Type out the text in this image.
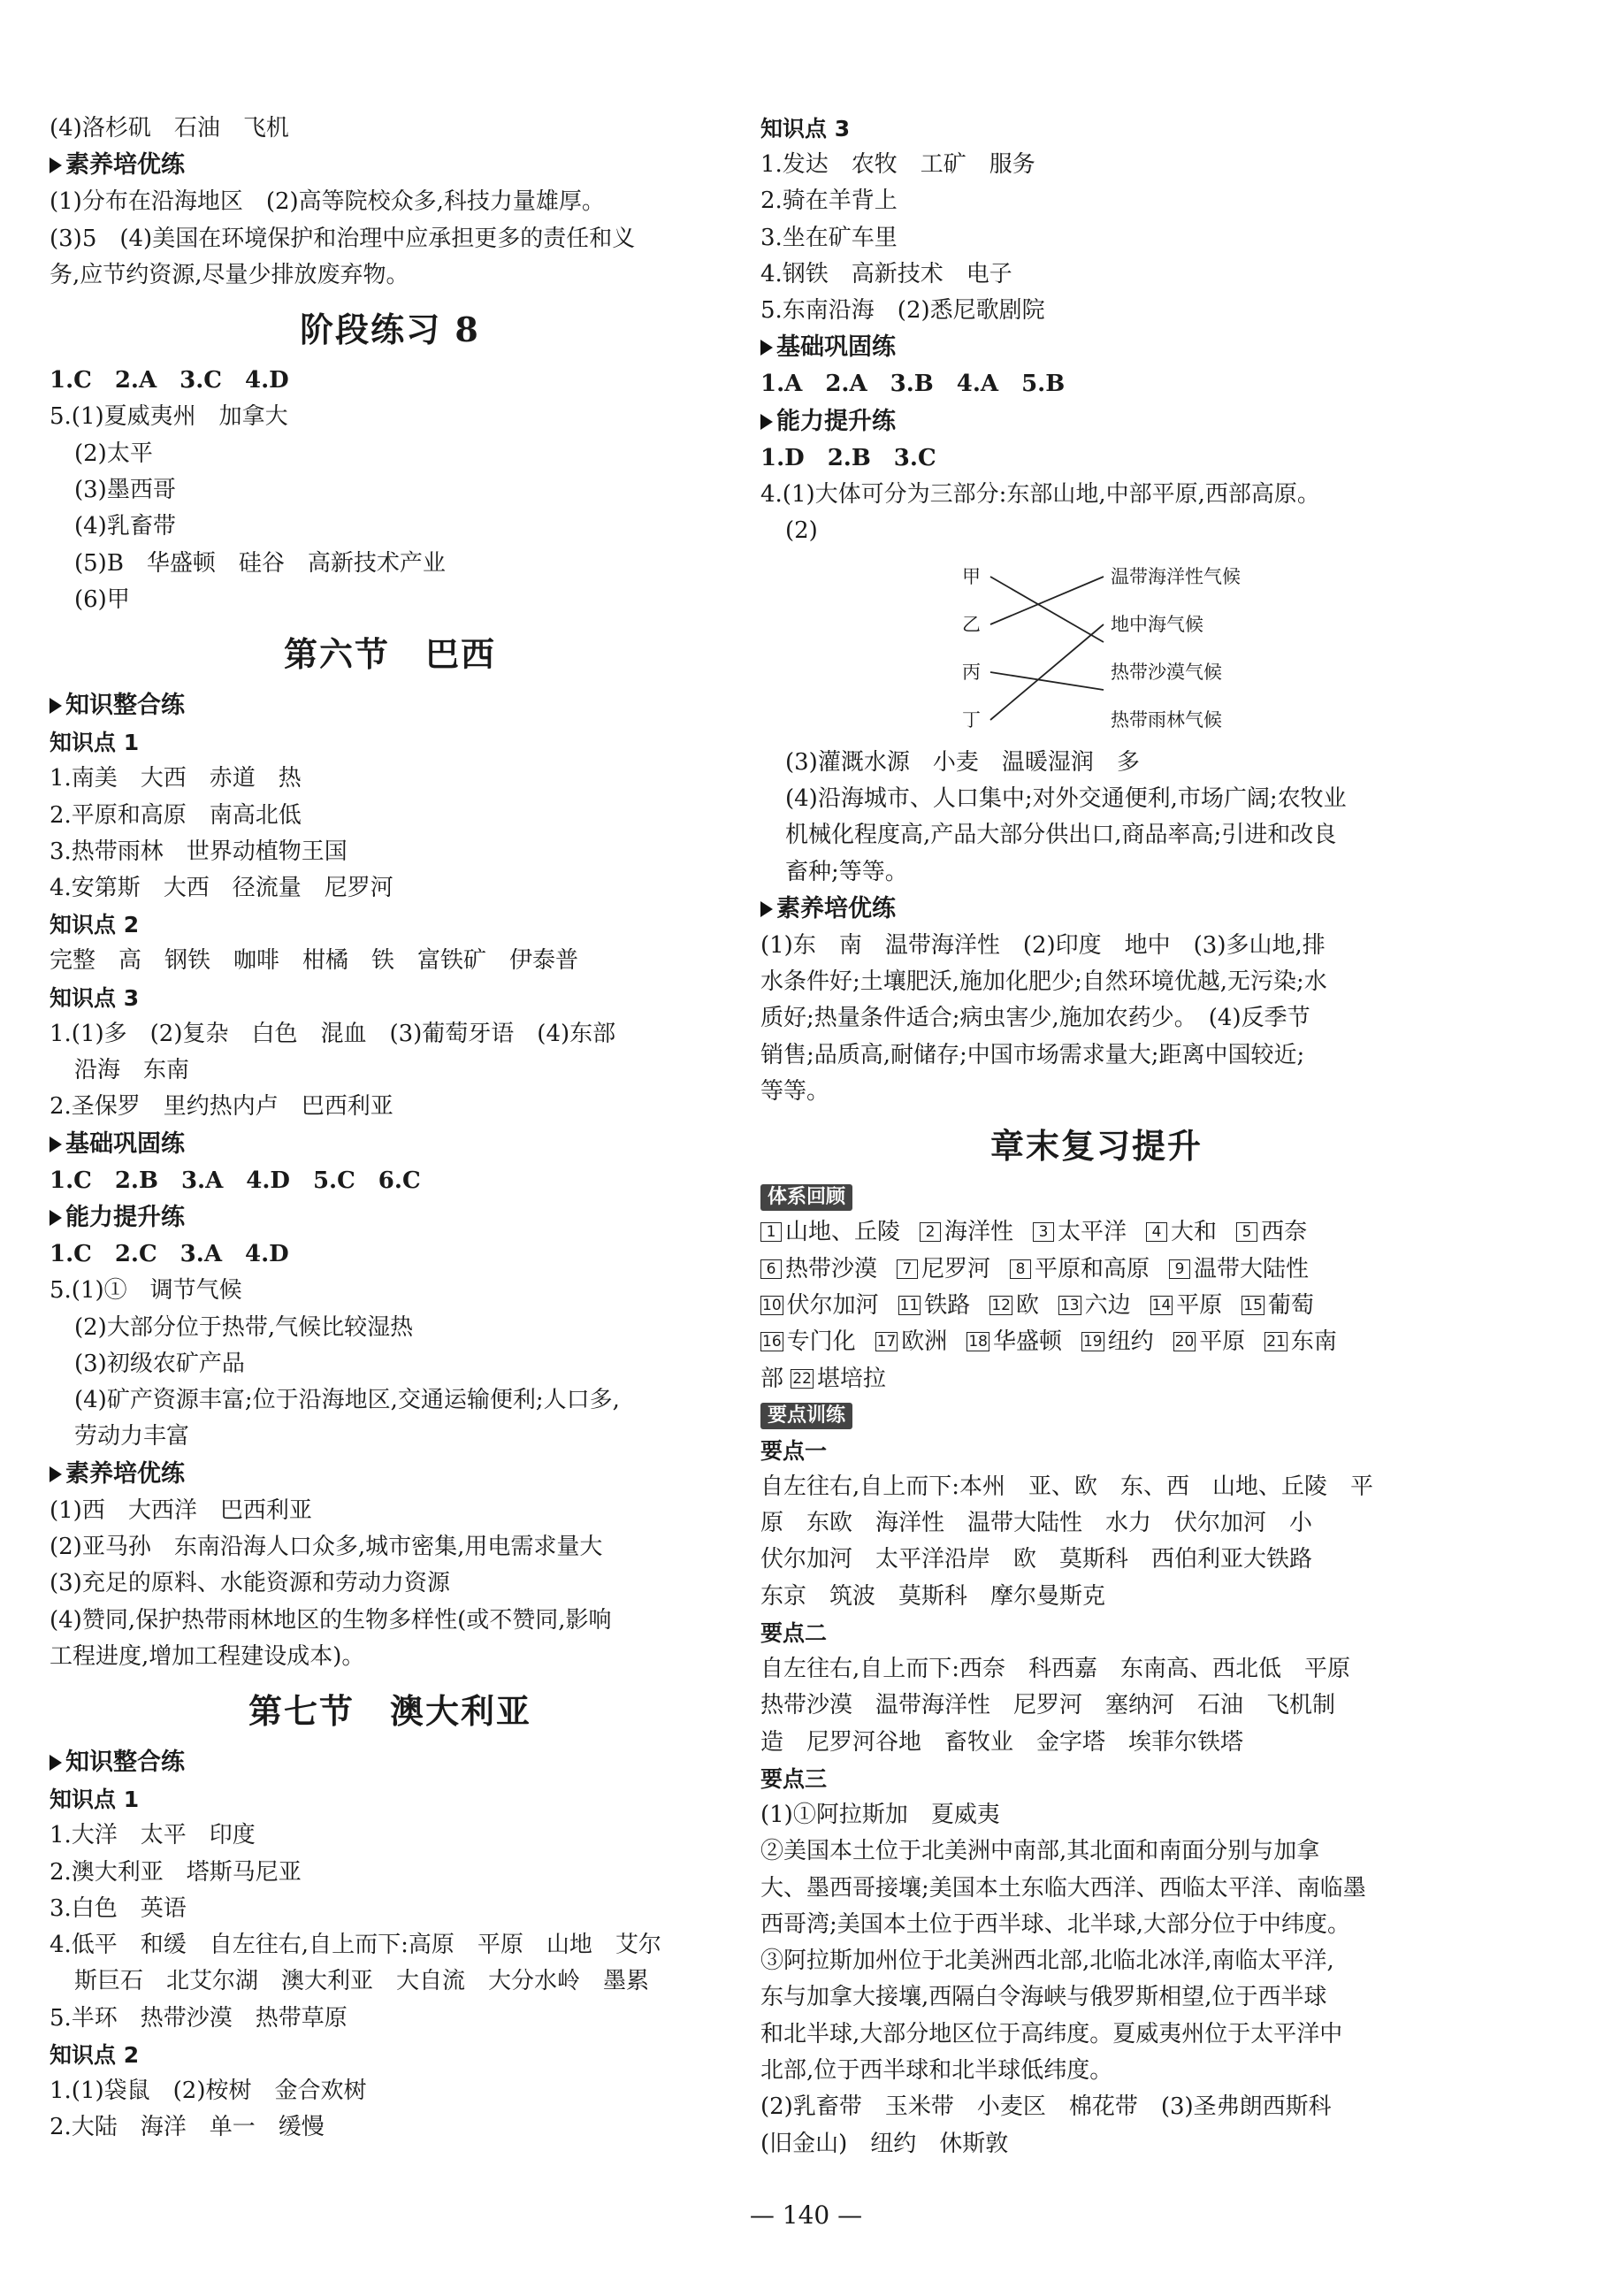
(4)洛杉矶　石油　飞机
素养培优练
(1)分布在沿海地区　(2)高等院校众多,科技力量雄厚。
(3)5　(4)美国在环境保护和治理中应承担更多的责任和义
务,应节约资源,尽量少排放废弃物。
阶段练习 8
1.C　2.A　3.C　4.D
5.(1)夏威夷州　加拿大
(2)太平
(3)墨西哥
(4)乳畜带
(5)B　华盛顿　硅谷　高新技术产业
(6)甲
第六节　巴西
知识整合练
知识点 1
1.南美　大西　赤道　热
2.平原和高原　南高北低
3.热带雨林　世界动植物王国
4.安第斯　大西　径流量　尼罗河
知识点 2
完整　高　钢铁　咖啡　柑橘　铁　富铁矿　伊泰普
知识点 3
1.(1)多　(2)复杂　白色　混血　(3)葡萄牙语　(4)东部
沿海　东南
2.圣保罗　里约热内卢　巴西利亚
基础巩固练
1.C　2.B　3.A　4.D　5.C　6.C
能力提升练
1.C　2.C　3.A　4.D
5.(1)①　调节气候
(2)大部分位于热带,气候比较湿热
(3)初级农矿产品
(4)矿产资源丰富;位于沿海地区,交通运输便利;人口多,
劳动力丰富
素养培优练
(1)西　大西洋　巴西利亚
(2)亚马孙　东南沿海人口众多,城市密集,用电需求量大
(3)充足的原料、水能资源和劳动力资源
(4)赞同,保护热带雨林地区的生物多样性(或不赞同,影响
工程进度,增加工程建设成本)。
第七节　澳大利亚
知识整合练
知识点 1
1.大洋　太平　印度
2.澳大利亚　塔斯马尼亚
3.白色　英语
4.低平　和缓　自左往右,自上而下:高原　平原　山地　艾尔
斯巨石　北艾尔湖　澳大利亚　大自流　大分水岭　墨累
5.半环　热带沙漠　热带草原
知识点 2
1.(1)袋鼠　(2)桉树　金合欢树
2.大陆　海洋　单一　缓慢
知识点 3
1.发达　农牧　工矿　服务
2.骑在羊背上
3.坐在矿车里
4.钢铁　高新技术　电子
5.东南沿海　(2)悉尼歌剧院
基础巩固练
1.A　2.A　3.B　4.A　5.B
能力提升练
1.D　2.B　3.C
4.(1)大体可分为三部分:东部山地,中部平原,西部高原。
(2)
甲
乙
丙
丁
温带海洋性气候
地中海气候
热带沙漠气候
热带雨林气候
(3)灌溉水源　小麦　温暖湿润　多
(4)沿海城市、人口集中;对外交通便利,市场广阔;农牧业
机械化程度高,产品大部分供出口,商品率高;引进和改良
畜种;等等。
素养培优练
(1)东　南　温带海洋性　(2)印度　地中　(3)多山地,排
水条件好;土壤肥沃,施加化肥少;自然环境优越,无污染;水
质好;热量条件适合;病虫害少,施加农药少。　(4)反季节
销售;品质高,耐储存;中国市场需求量大;距离中国较近;
等等。
章末复习提升
体系回顾
1 山地、丘陵 2 海洋性 3 太平洋 4 大和 5 西奈
6 热带沙漠 7 尼罗河 8 平原和高原 9 温带大陆性
10 伏尔加河 11 铁路 12 欧 13 六边 14 平原 15 葡萄
16 专门化 17 欧洲 18 华盛顿 19 纽约 20 平原 21 东南
部 22 堪培拉
要点训练
要点一
自左往右,自上而下:本州　亚、欧　东、西　山地、丘陵　平
原　东欧　海洋性　温带大陆性　水力　伏尔加河　小
伏尔加河　太平洋沿岸　欧　莫斯科　西伯利亚大铁路
东京　筑波　莫斯科　摩尔曼斯克
要点二
自左往右,自上而下:西奈　科西嘉　东南高、西北低　平原
热带沙漠　温带海洋性　尼罗河　塞纳河　石油　飞机制
造　尼罗河谷地　畜牧业　金字塔　埃菲尔铁塔
要点三
(1)①阿拉斯加　夏威夷
②美国本土位于北美洲中南部,其北面和南面分别与加拿
大、墨西哥接壤;美国本土东临大西洋、西临太平洋、南临墨
西哥湾;美国本土位于西半球、北半球,大部分位于中纬度。
③阿拉斯加州位于北美洲西北部,北临北冰洋,南临太平洋,
东与加拿大接壤,西隔白令海峡与俄罗斯相望,位于西半球
和北半球,大部分地区位于高纬度。夏威夷州位于太平洋中
北部,位于西半球和北半球低纬度。
(2)乳畜带　玉米带　小麦区　棉花带　(3)圣弗朗西斯科
(旧金山)　纽约　休斯敦
— 140 —
